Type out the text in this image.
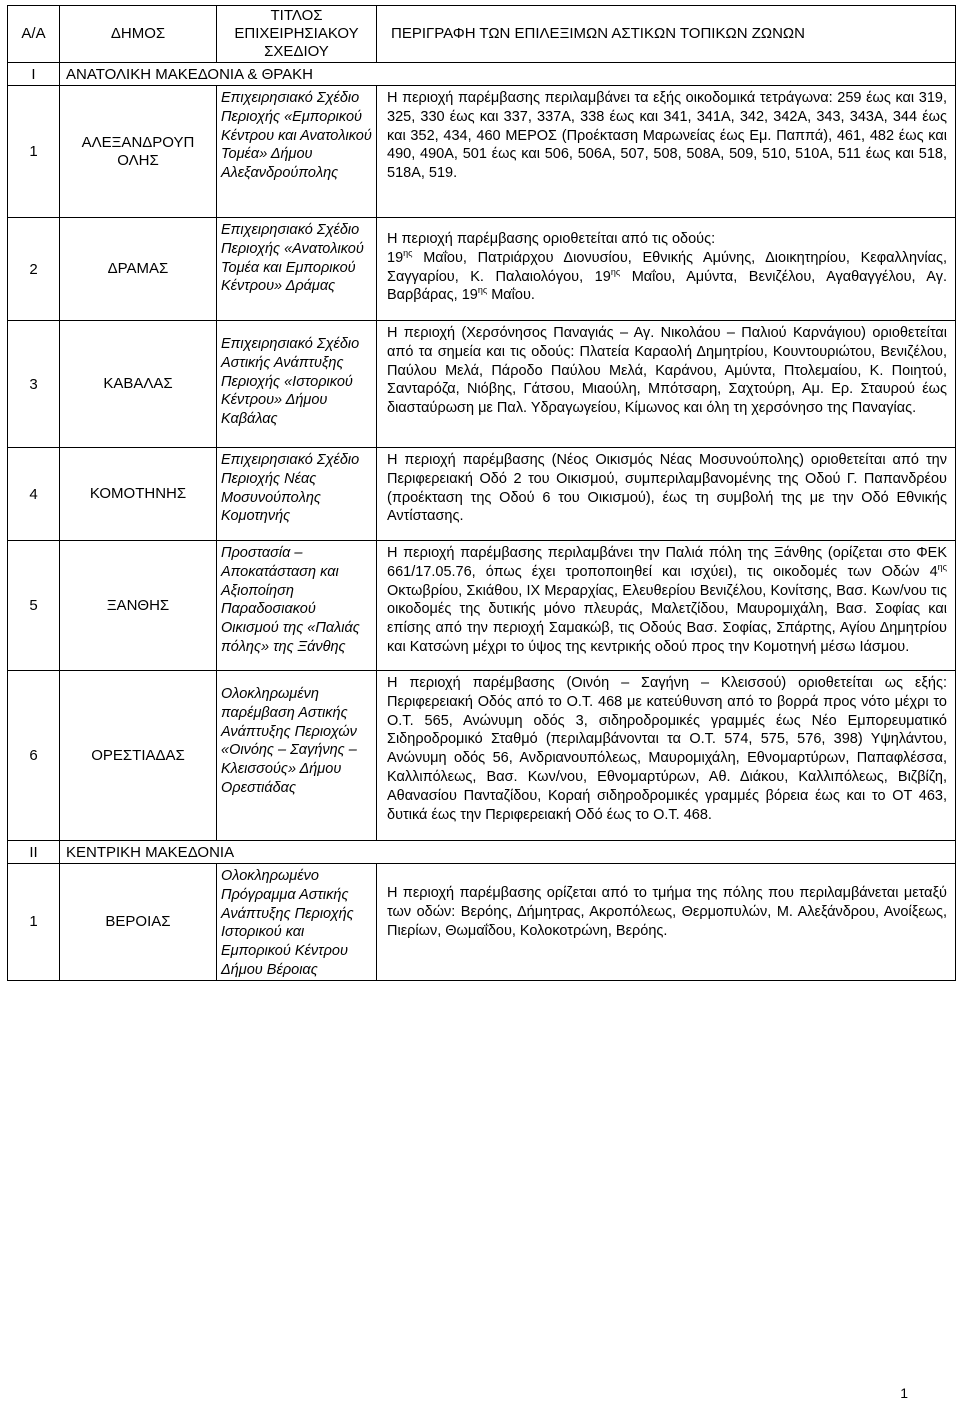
Α/Α	ΔΗΜΟΣ	ΤΙΤΛΟΣ
ΕΠΙΧΕΙΡΗΣΙΑΚΟΥ
ΣΧΕΔΙΟΥ	ΠΕΡΙΓΡΑΦΗ ΤΩΝ ΕΠΙΛΕΞΙΜΩΝ ΑΣΤΙΚΩΝ ΤΟΠΙΚΩΝ ΖΩΝΩΝ
Ι	ΑΝΑΤΟΛΙΚΗ ΜΑΚΕΔΟΝΙΑ & ΘΡΑΚΗ		
1	ΑΛΕΞΑΝΔΡΟΥΠ ΟΛΗΣ	Επιχειρησιακό Σχέδιο Περιοχής «Εμπορικού Κέντρου και Ανατολικού Τομέα» Δήμου Αλεξανδρούπολης	Η περιοχή παρέμβασης περιλαμβάνει τα εξής οικοδομικά τετράγωνα: 259 έως και 319, 325, 330 έως και 337, 337Α, 338 έως και 341, 341Α, 342, 342Α, 343, 343Α, 344 έως και 352, 434, 460 ΜΕΡΟΣ (Προέκταση Μαρωνείας έως Εμ. Παππά), 461, 482 έως και 490, 490Α, 501 έως και 506, 506Α, 507, 508, 508Α, 509, 510, 510Α, 511 έως και 518, 518Α, 519.
2	ΔΡΑΜΑΣ	Επιχειρησιακό Σχέδιο Περιοχής «Ανατολικού Τομέα και Εμπορικού Κέντρου» Δράμας	Η περιοχή παρέμβασης οριοθετείται από τις οδούς:
$19^{\eta\varsigma}$ Μαΐου, Πατριάρχου Διονυσίου, Εθνικής Αμύνης, Διοικητηρίου, Κεφαλληνίας, Σαγγαρίου, Κ. Παλαιολόγου, $19^{\eta\varsigma}$ Μαΐου, Αμύντα, Βενιζέλου, Αγαθαγγέλου, Αγ. Βαρβάρας, $19^{\eta\varsigma}$ Μαΐου.
3	ΚΑΒΑΛΑΣ	Επιχειρησιακό Σχέδιο Αστικής Ανάπτυξης Περιοχής «Ιστορικού Κέντρου» Δήμου Καβάλας	Η περιοχή (Χερσόνησος Παναγιάς – Αγ. Νικολάου – Παλιού Καρνάγιου) οριοθετείται από τα σημεία και τις οδούς: Πλατεία Καραολή Δημητρίου, Κουντουριώτου, Βενιζέλου, Παύλου Μελά, Πάροδο Παύλου Μελά, Καράνου, Αμύντα, Πτολεμαίου, Κ. Ποιητού, Σανταρόζα, Νιόβης, Γάτσου, Μιαούλη, Μπότσαρη, Σαχτούρη, Αμ. Ερ. Σταυρού έως διασταύρωση με Παλ. Υδραγωγείου, Κίμωνος και όλη τη χερσόνησο της Παναγίας.
4	ΚΟΜΟΤΗΝΗΣ	Επιχειρησιακό Σχέδιο Περιοχής Νέας Μοσυνούπολης Κομοτηνής	Η περιοχή παρέμβασης (Νέος Οικισμός Νέας Μοσυνούπολης) οριοθετείται από την Περιφερειακή Οδό 2 του Οικισμού, συμπεριλαμβανομένης της Οδού Γ. Παπανδρέου (προέκταση της Οδού 6 του Οικισμού), έως τη συμβολή της με την Οδό Εθνικής Αντίστασης.
5	ΞΑΝΘΗΣ	Προστασία – Αποκατάσταση και Αξιοποίηση Παραδοσιακού Οικισμού της «Παλιάς πόλης» της Ξάνθης	Η περιοχή παρέμβασης περιλαμβάνει την Παλιά πόλη της Ξάνθης (ορίζεται στο ΦΕΚ 661/17.05.76, όπως έχει τροποποιηθεί και ισχύει), τις οικοδομές των Οδών $4^{\eta\varsigma}$ Οκτωβρίου, Σκιάθου, ΙΧ Μεραρχίας, Ελευθερίου Βενιζέλου, Κονίτσης, Βασ. Κων/νου τις οικοδομές της δυτικής μόνο πλευράς, Μαλετζίδου, Μαυρομιχάλη, Βασ. Σοφίας και επίσης από την περιοχή Σαμακώβ, τις Οδούς Βασ. Σοφίας, Σπάρτης, Αγίου Δημητρίου και Κατσώνη μέχρι το ύψος της κεντρικής οδού προς την Κομοτηνή μέσω Ιάσμου.
6	ΟΡΕΣΤΙΑΔΑΣ	Ολοκληρωμένη παρέμβαση Αστικής Ανάπτυξης Περιοχών «Οινόης – Σαγήνης – Κλεισσούς» Δήμου Ορεστιάδας	Η περιοχή παρέμβασης (Οινόη – Σαγήνη – Κλεισσού) οριοθετείται ως εξής: Περιφερειακή Οδός από το Ο.Τ. 468 με κατεύθυνση από το βορρά προς νότο μέχρι το Ο.Τ. 565, Ανώνυμη οδός 3, σιδηροδρομικές γραμμές έως Νέο Εμπορευματικό Σιδηροδρομικό Σταθμό (περιλαμβάνονται τα Ο.Τ. 574, 575, 576, 398) Υψηλάντου, Ανώνυμη οδός 56, Ανδριανουπόλεως, Μαυρομιχάλη, Εθνομαρτύρων, Παπαφλέσσα, Καλλιπόλεως, Βασ. Κων/νου, Εθνομαρτύρων, Αθ. Διάκου, Καλλιπόλεως, Βιζβίζη, Αθανασίου Πανταζίδου, Κοραή σιδηροδρομικές γραμμές βόρεια έως και το ΟΤ 463, δυτικά έως την Περιφερειακή Οδό έως το Ο.Τ. 468.
ΙΙ	ΚΕΝΤΡΙΚΗ ΜΑΚΕΔΟΝΙΑ		
1	ΒΕΡΟΙΑΣ	Ολοκληρωμένο Πρόγραμμα Αστικής Ανάπτυξης Περιοχής Ιστορικού και Εμπορικού Κέντρου Δήμου Βέροιας	Η περιοχή παρέμβασης ορίζεται από το τμήμα της πόλης που περιλαμβάνεται μεταξύ των οδών: Βερόης, Δήμητρας, Ακροπόλεως, Θερμοπυλών, Μ. Αλεξάνδρου, Ανοίξεως, Πιερίων, Θωμαΐδου, Κολοκοτρώνη, Βερόης.
1
